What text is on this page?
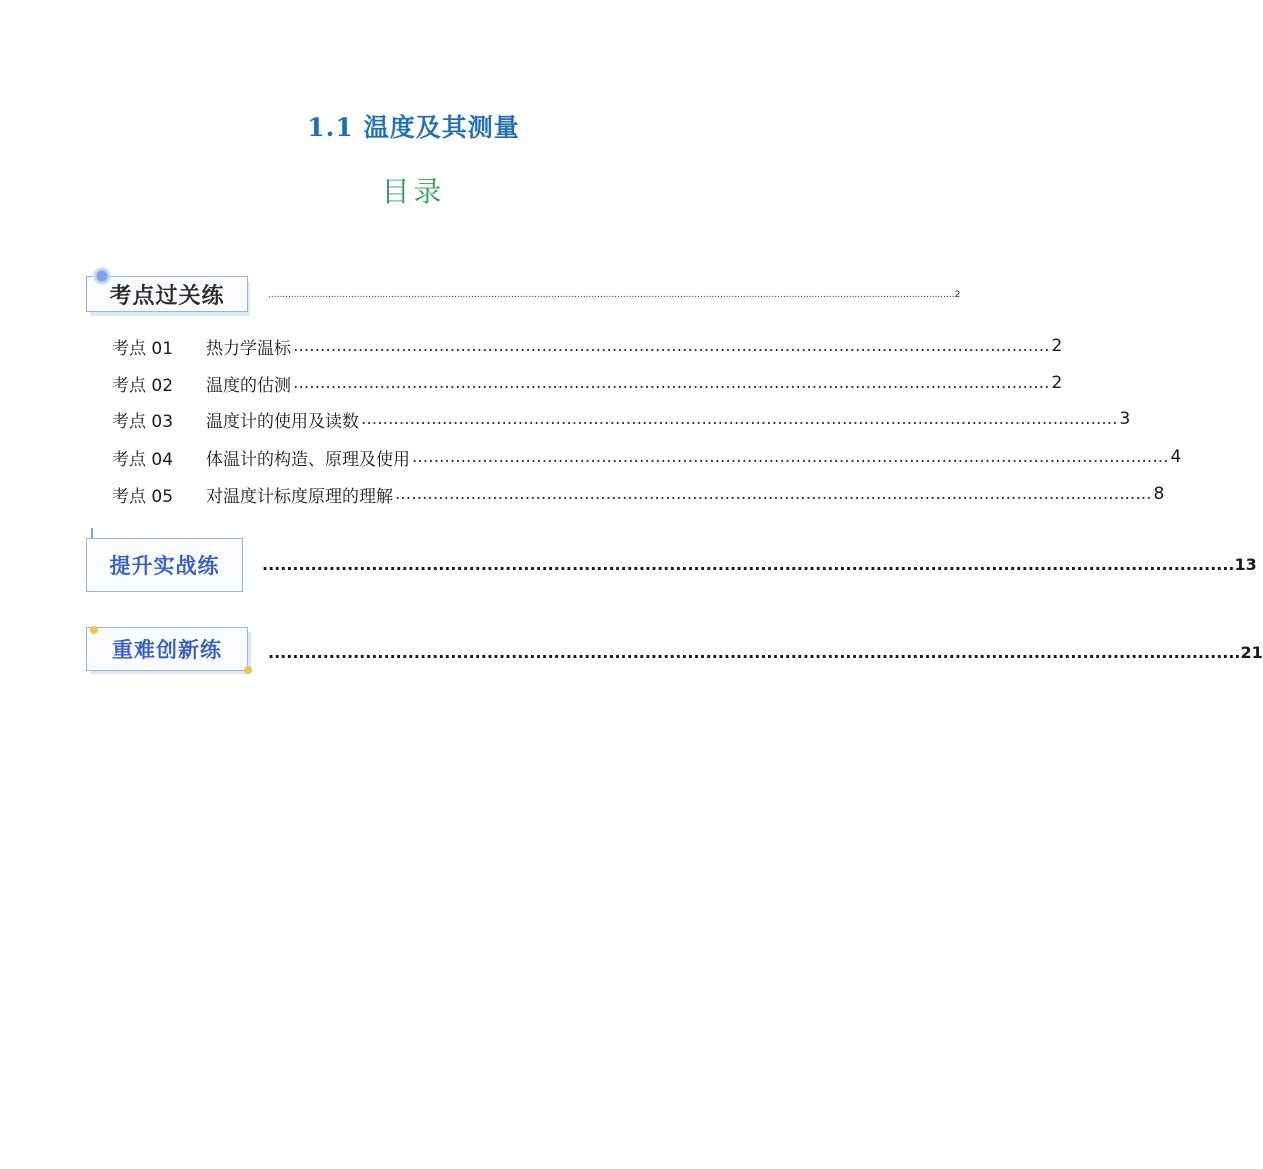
1.1 温度及其测量
目录
考点过关练	................................................................................................................................................................................................................................................ 2
考点 01	热力学温标 ............................................................................................................................................ 2
考点 02	温度的估测 ............................................................................................................................................ 2
考点 03	温度计的使用及读数 ............................................................................................................................................ 3
考点 04	体温计的构造、原理及使用 ............................................................................................................................................ 4
考点 05	对温度计标度原理的理解 ............................................................................................................................................ 8
提升实战练	................................................................................................................................................................ 13
重难创新练	................................................................................................................................................................ 21
